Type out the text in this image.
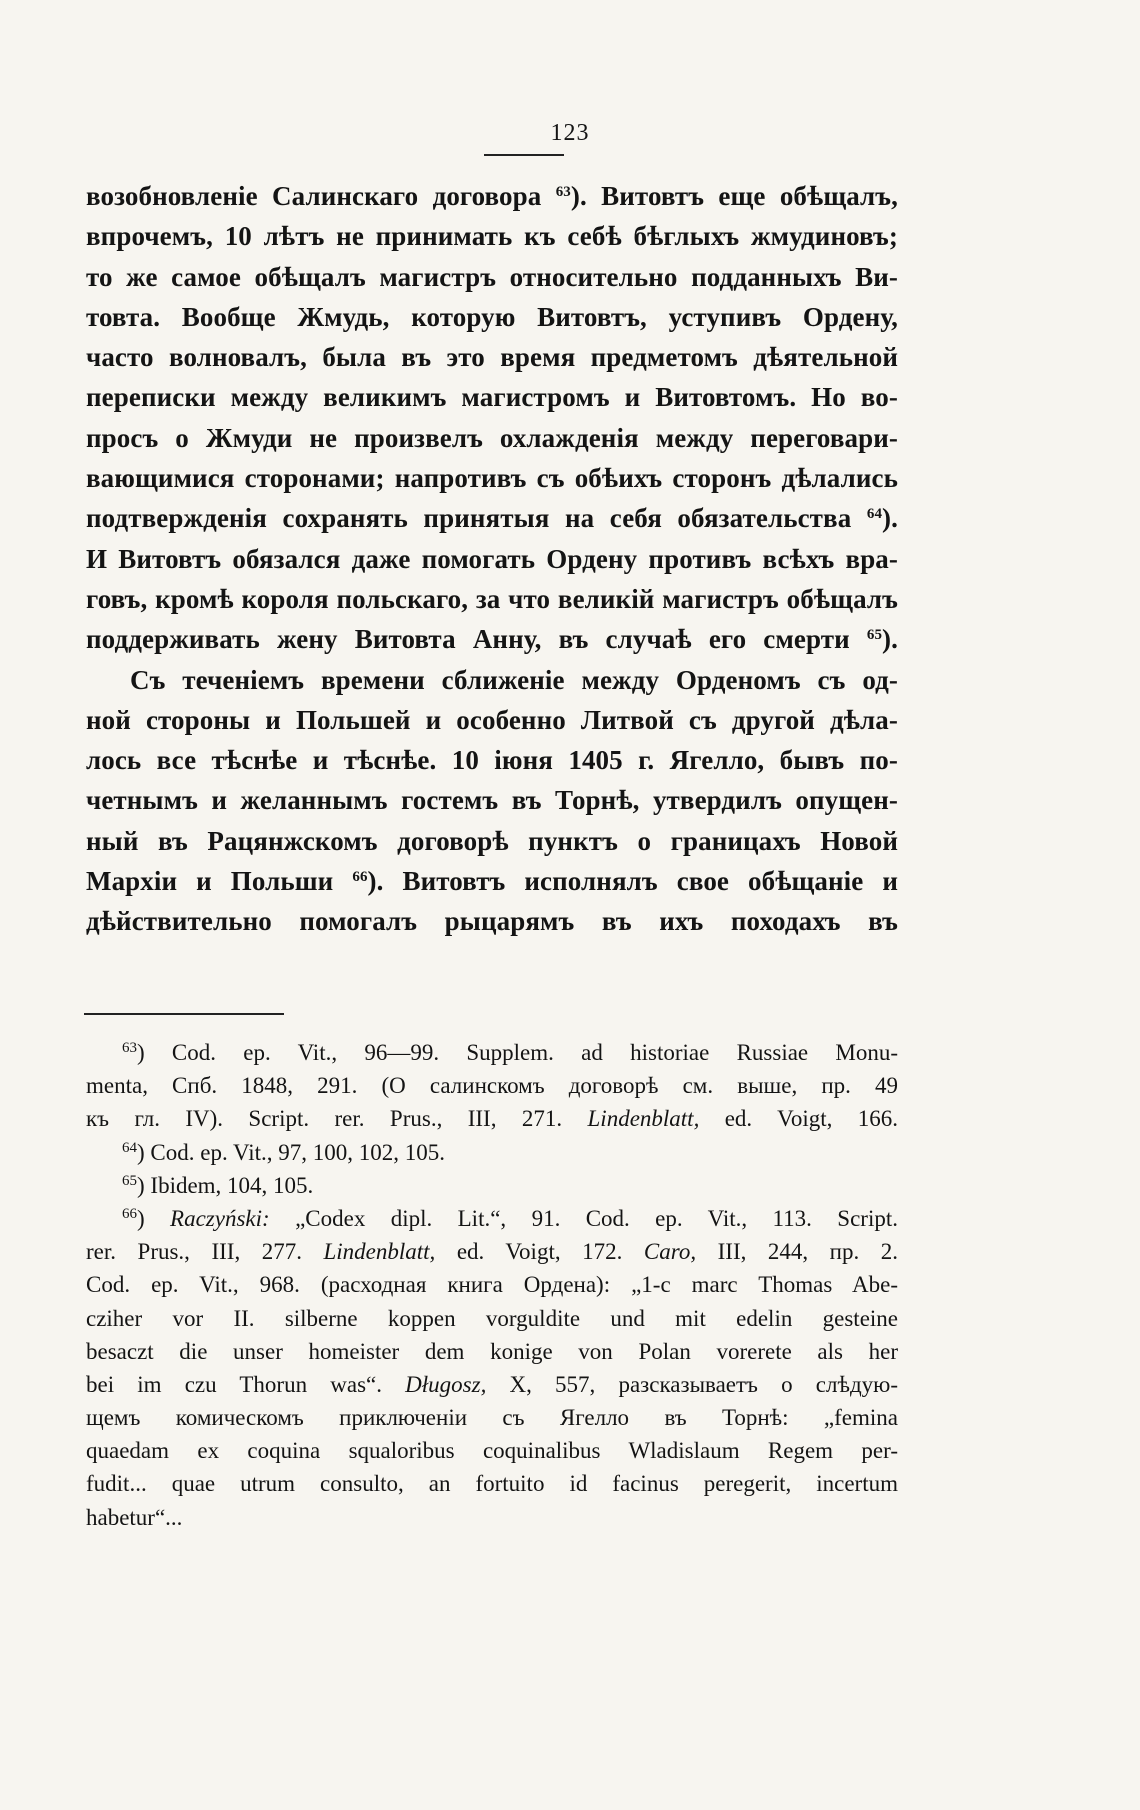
123
возобновленіе Салинскаго договора $^{63}$). Витовтъ еще обѣщалъ,
впрочемъ, 10 лѣтъ не принимать къ себѣ бѣглыхъ жмудиновъ;
то же самое обѣщалъ магистръ относительно подданныхъ Ви-
товта. Вообще Жмудь, которую Витовтъ, уступивъ Ордену,
часто волновалъ, была въ это время предметомъ дѣятельной
переписки между великимъ магистромъ и Витовтомъ. Но во-
просъ о Жмуди не произвелъ охлажденія между переговари-
вающимися сторонами; напротивъ съ обѣихъ сторонъ дѣлались
подтвержденія сохранять принятыя на себя обязательства $^{64}$).
И Витовтъ обязался даже помогать Ордену противъ всѣхъ вра-
говъ, кромѣ короля польскаго, за что великій магистръ обѣщалъ
поддерживать жену Витовта Анну, въ случаѣ его смерти $^{65}$).
Съ теченіемъ времени сближеніе между Орденомъ съ од-
ной стороны и Польшей и особенно Литвой съ другой дѣла-
лось все тѣснѣе и тѣснѣе. 10 іюня 1405 г. Ягелло, бывъ по-
четнымъ и желаннымъ гостемъ въ Торнѣ, утвердилъ опущен-
ный въ Рацянжскомъ договорѣ пунктъ о границахъ Новой
Мархіи и Польши $^{66}$). Витовтъ исполнялъ свое обѣщаніе и
дѣйствительно помогалъ рыцарямъ въ ихъ походахъ въ
$^{63}$) Cod. ep. Vit., 96—99. Supplem. ad historiae Russiae Monu-
menta, Спб. 1848, 291. (О салинскомъ договорѣ см. выше, пр. 49
къ гл. IV). Script. rer. Prus., III, 271. Lindenblatt, ed. Voigt, 166.
$^{64}$) Cod. ep. Vit., 97, 100, 102, 105.
$^{65}$) Ibidem, 104, 105.
$^{66}$) Raczyński: „Codex dipl. Lit.“, 91. Cod. ep. Vit., 113. Script.
rer. Prus., III, 277. Lindenblatt, ed. Voigt, 172. Caro, III, 244, пр. 2.
Cod. ep. Vit., 968. (расходная книга Ордена): „1-c marc Thomas Abe-
cziher vor II. silberne koppen vorguldite und mit edelin gesteine
besaczt die unser homeister dem konige von Polan vorerete als her
bei im czu Thorun was“. Długosz, X, 557, разсказываетъ о слѣдую-
щемъ комическомъ приключеніи съ Ягелло въ Торнѣ: „femina
quaedam ex coquina squaloribus coquinalibus Wladislaum Regem per-
fudit... quae utrum consulto, an fortuito id facinus peregerit, incertum
habetur“...
